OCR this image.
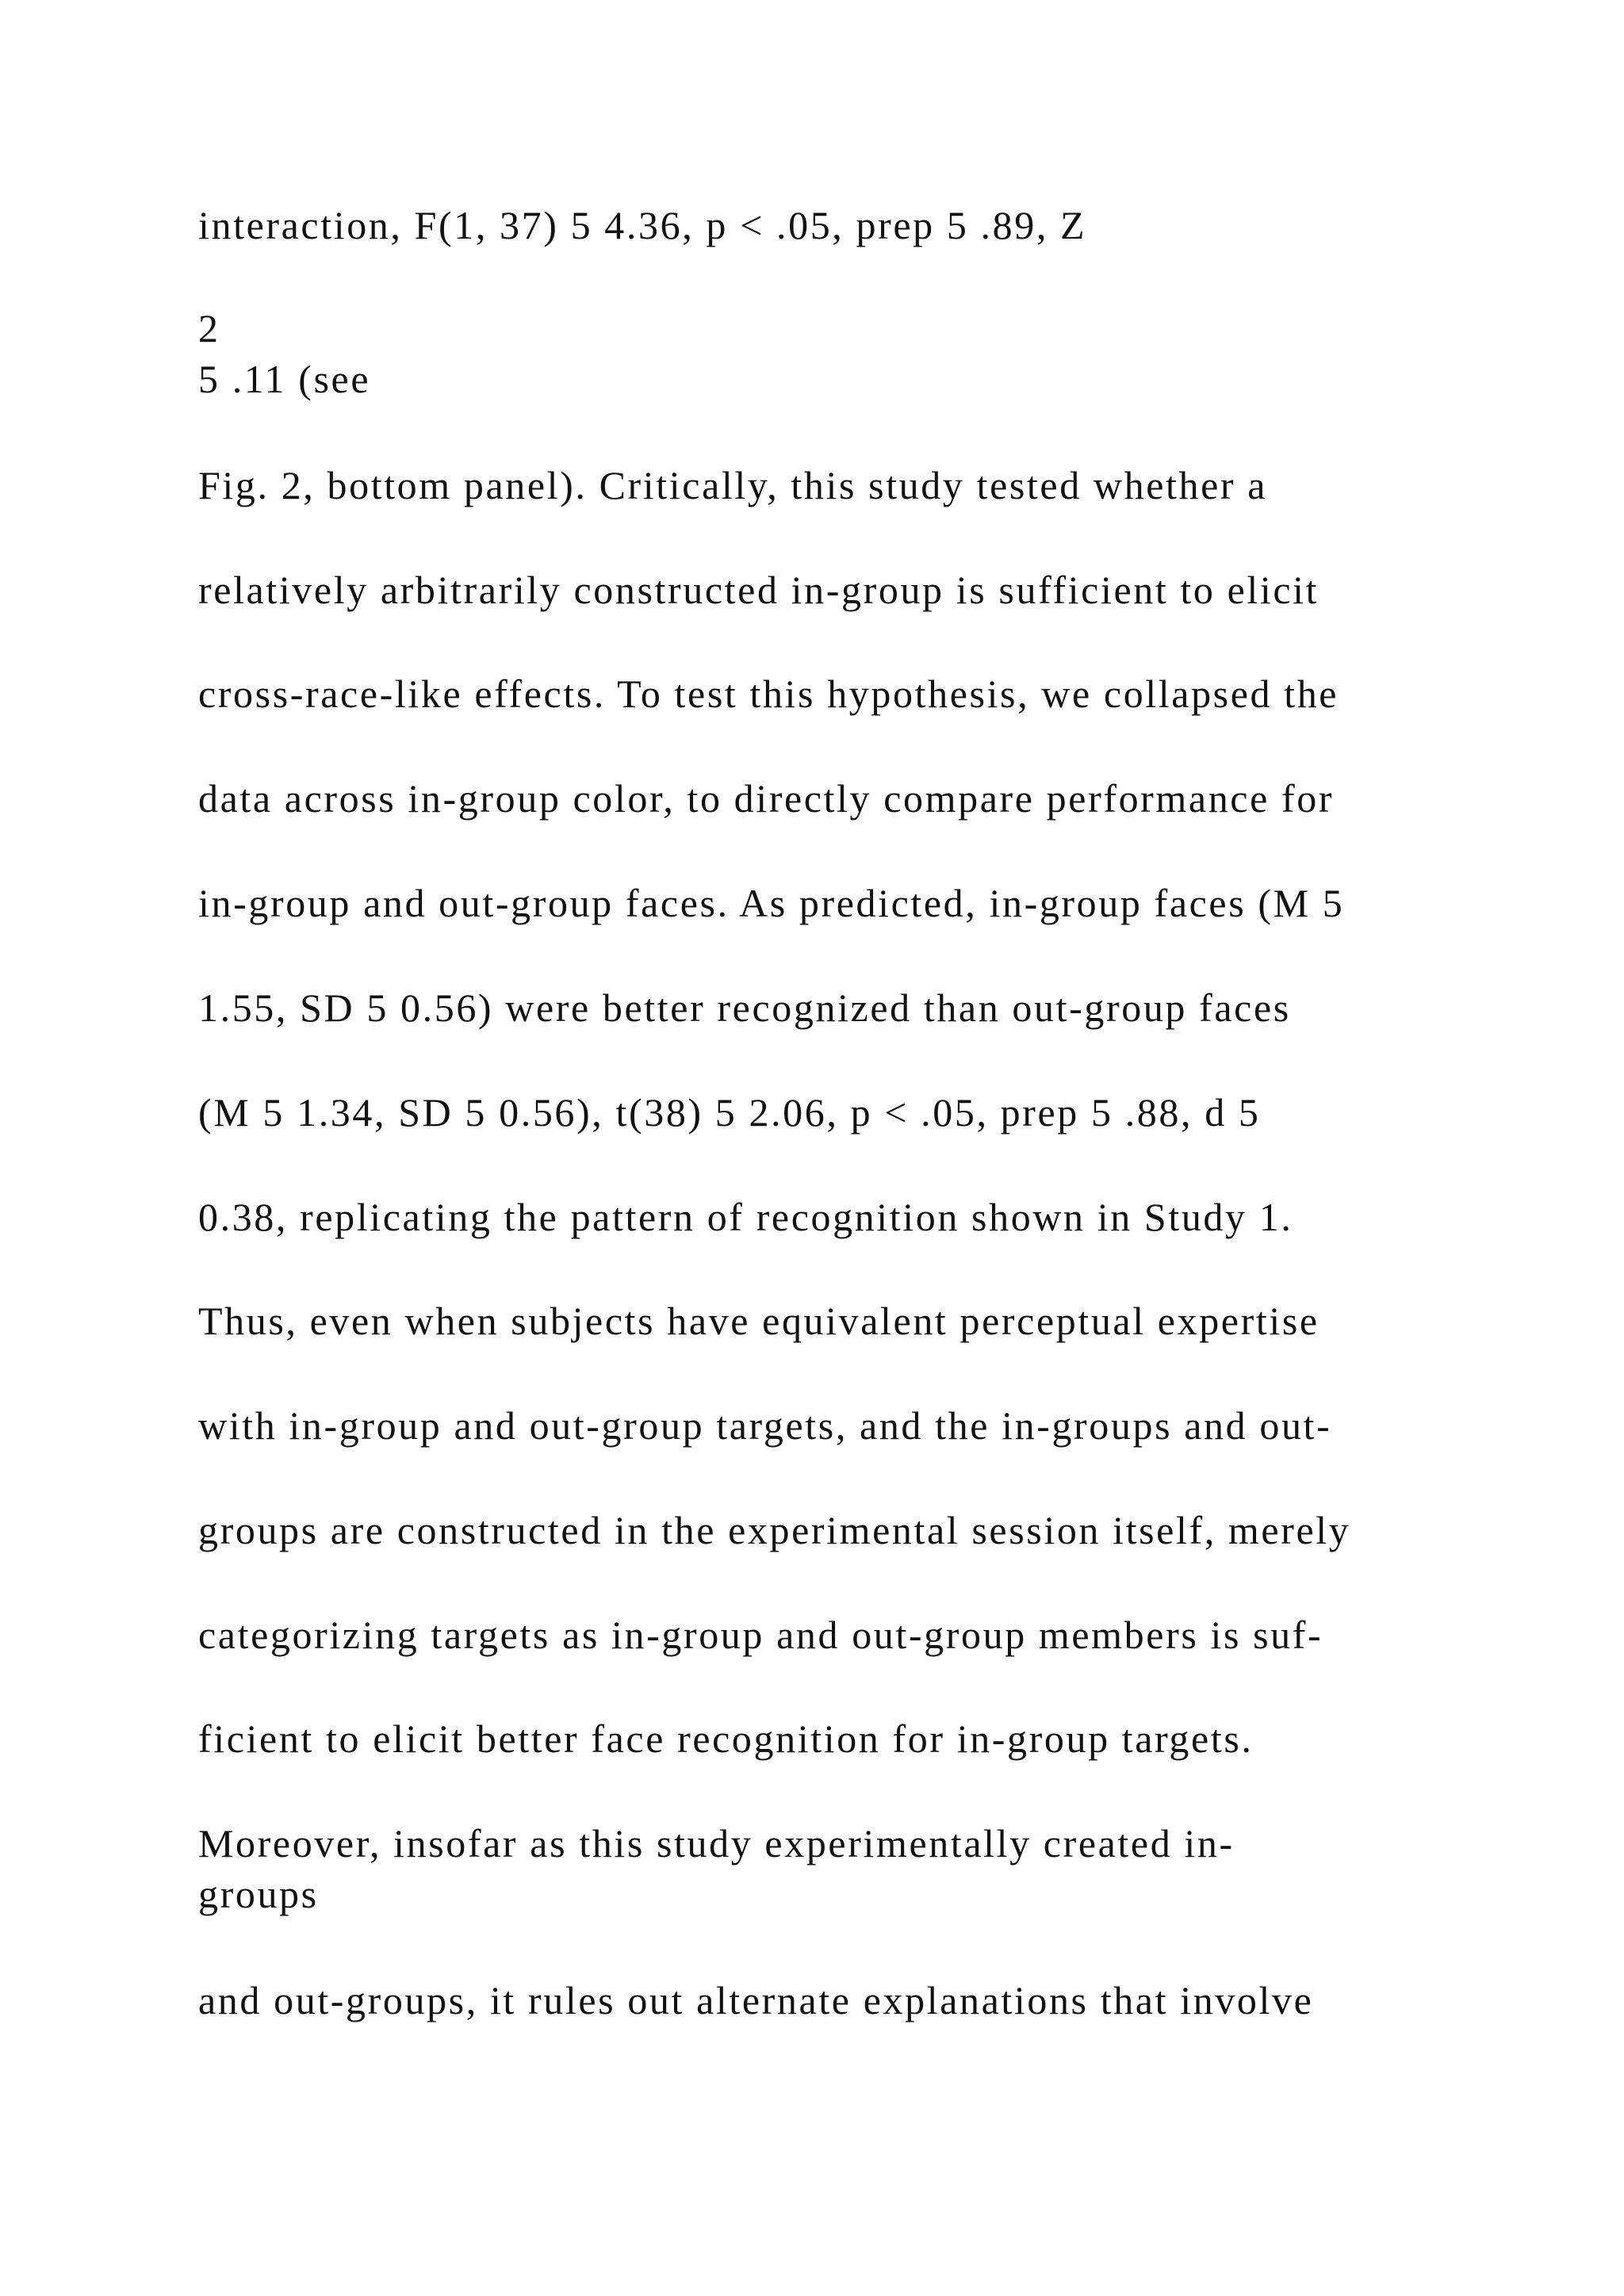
interaction, F(1, 37) 5 4.36, p < .05, prep 5 .89, Z

2

5 .11 (see

Fig. 2, bottom panel). Critically, this study tested whether a

relatively arbitrarily constructed in-group is sufficient to elicit

cross-race-like effects. To test this hypothesis, we collapsed the

data across in-group color, to directly compare performance for

in-group and out-group faces. As predicted, in-group faces (M 5

1.55, SD 5 0.56) were better recognized than out-group faces

(M 5 1.34, SD 5 0.56), t(38) 5 2.06, p < .05, prep 5 .88, d 5

0.38, replicating the pattern of recognition shown in Study 1.

Thus, even when subjects have equivalent perceptual expertise

with in-group and out-group targets, and the in-groups and out-

groups are constructed in the experimental session itself, merely

categorizing targets as in-group and out-group members is suf-

ficient to elicit better face recognition for in-group targets.

Moreover, insofar as this study experimentally created in-

groups

and out-groups, it rules out alternate explanations that involve
